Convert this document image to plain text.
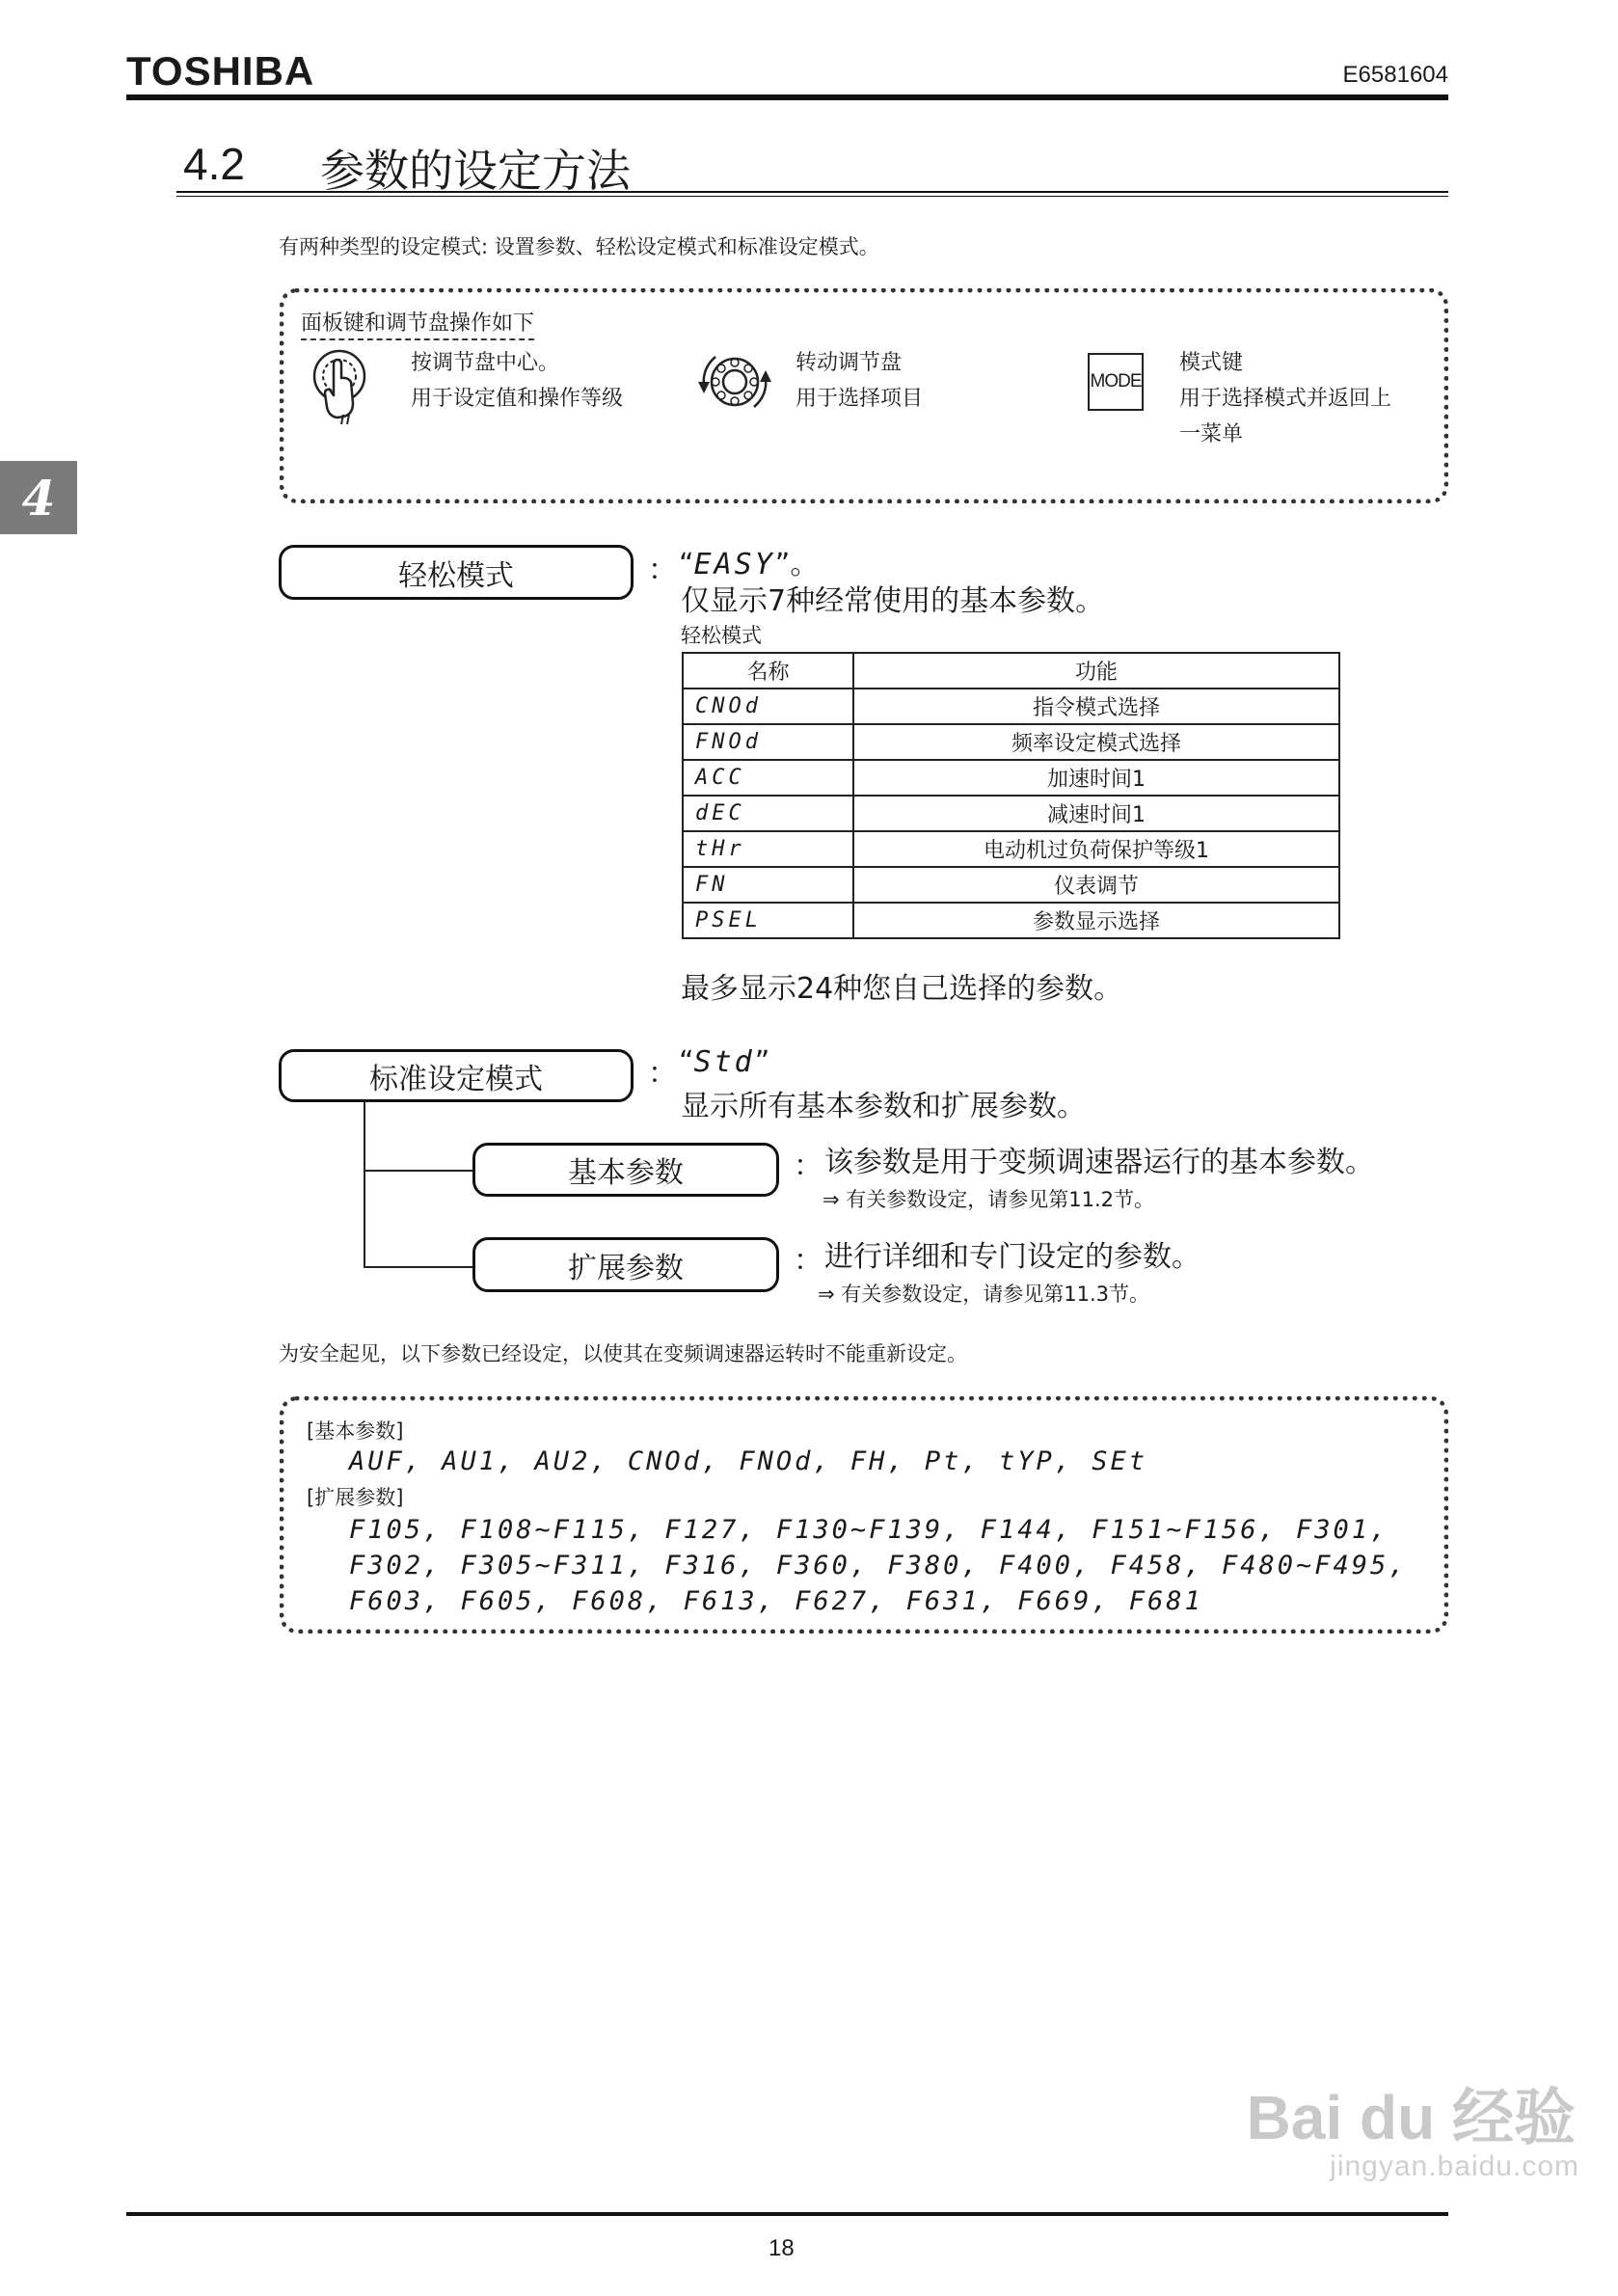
TOSHIBA	E6581604
4.2 参数的设定方法
4
有两种类型的设定模式: 设置参数、轻松设定模式和标准设定模式。
面板键和调节盘操作如下
按调节盘中心。
用于设定值和操作等级
转动调节盘
用于选择项目
MODE
模式键
用于选择模式并返回上
一菜单
轻松模式	： “EASY”。
仅显示7种经常使用的基本参数。
轻松模式
名称	功能
CNOd	指令模式选择
FNOd	频率设定模式选择
ACC	加速时间1
dEC	减速时间1
tHr	电动机过负荷保护等级1
FN	仪表调节
PSEL	参数显示选择
最多显示24种您自己选择的参数。
标准设定模式	： “Std”
显示所有基本参数和扩展参数。
基本参数	： 该参数是用于变频调速器运行的基本参数。
⇒ 有关参数设定，请参见第11.2节。
扩展参数	： 进行详细和专门设定的参数。
⇒ 有关参数设定，请参见第11.3节。
为安全起见，以下参数已经设定，以使其在变频调速器运转时不能重新设定。
[基本参数]
AUF, AU1, AU2, CNOd, FNOd, FH, Pt, tYP, SEt
[扩展参数]
F105, F108~F115, F127, F130~F139, F144, F151~F156, F301,
F302, F305~F311, F316, F360, F380, F400, F458, F480~F495,
F603, F605, F608, F613, F627, F631, F669, F681
18
Bai du 经验
jingyan.baidu.com
